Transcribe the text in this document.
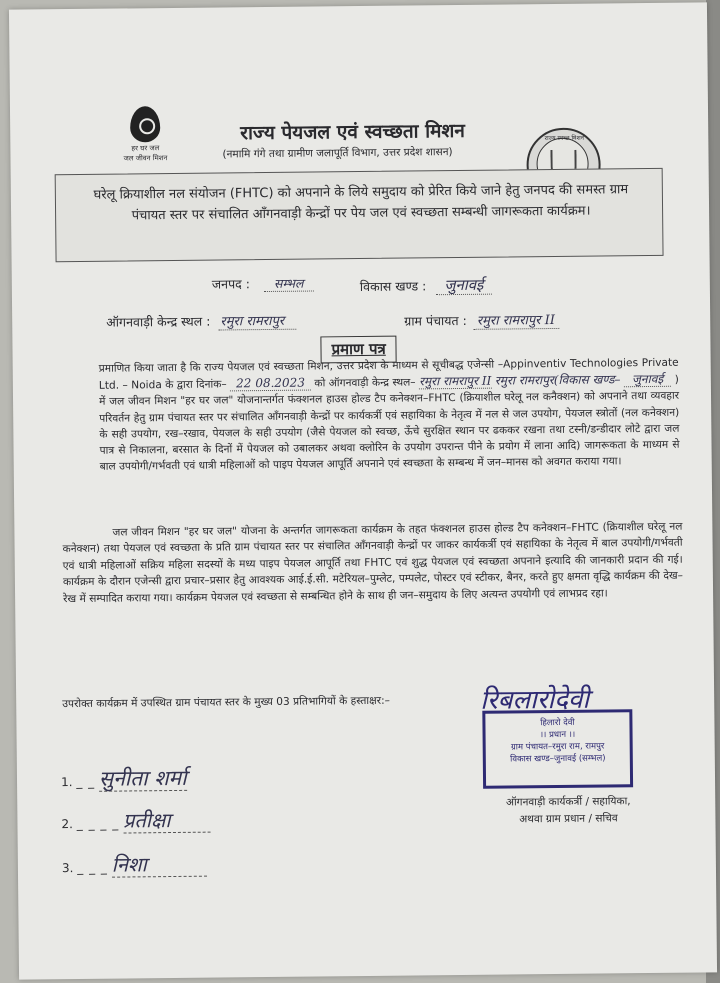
हर घर जल
जल जीवन मिशन
राज्य पेयजल एवं स्वच्छता मिशन
(नमामि गंगे तथा ग्रामीण जलापूर्ति विभाग, उत्तर प्रदेश शासन)
राज्य स्वच्छ मिशन

घरेलू क्रियाशील नल संयोजन (FHTC) को अपनाने के लिये समुदाय को प्रेरित किये जाने हेतु जनपद की समस्त ग्राम पंचायत स्तर पर संचालित आँगनवाड़ी केन्द्रों पर पेय जल एवं स्वच्छता सम्बन्धी जागरूकता कार्यक्रम।

जनपद : सम्भल	विकास खण्ड : जुनावई
ऑगनवाड़ी केन्द्र स्थल : रमुरा रामरापुर	ग्राम पंचायत : रमुरा रामरापुर II
प्रमाण पत्र
प्रमाणित किया जाता है कि राज्य पेयजल एवं स्वच्छता मिशन, उत्तर प्रदेश के माध्यम से सूचीबद्ध एजेन्सी –Appinventiv Technologies Private Ltd. – Noida के द्वारा दिनांक– 22 08.2023 को ऑगनवाड़ी केन्द्र स्थल– रमुरा रामरापुर II रमुरा रामरापुर(विकास खण्ड– जुनावई ) में जल जीवन मिशन "हर घर जल" योजनान्तर्गत फंक्शनल हाउस होल्ड टैप कनेक्शन–FHTC (क्रियाशील घरेलू नल कनैक्शन) को अपनाने तथा व्यवहार परिवर्तन हेतु ग्राम पंचायत स्तर पर संचालित आँगनवाड़ी केन्द्रों पर कार्यकर्त्री एवं सहायिका के नेतृत्व में नल से जल उपयोग, पेयजल स्त्रोतों (नल कनेक्शन) के सही उपयोग, रख–रखाव, पेयजल के सही उपयोग (जैसे पेयजल को स्वच्छ, ऊँचे सुरक्षित स्थान पर ढककर रखना तथा टस्नी/डन्डीदार लोटे द्वारा जल पात्र से निकालना, बरसात के दिनों में पेयजल को उबालकर अथवा क्लोरिन के उपयोग उपरान्त पीने के प्रयोग में लाना आदि) जागरूकता के माध्यम से बाल उपयोगी/गर्भवती एवं धात्री महिलाओं को पाइप पेयजल आपूर्ति अपनाने एवं स्वच्छता के सम्बन्ध में जन–मानस को अवगत कराया गया।
जल जीवन मिशन "हर घर जल" योजना के अन्तर्गत जागरूकता कार्यक्रम के तहत फंक्शनल हाउस होल्ड टैप कनेक्शन–FHTC (क्रियाशील घरेलू नल कनेक्शन) तथा पेयजल एवं स्वच्छता के प्रति ग्राम पंचायत स्तर पर संचालित आँगनवाड़ी केन्द्रों पर जाकर कार्यकर्त्री एवं सहायिका के नेतृत्व में बाल उपयोगी/गर्भवती एवं धात्री महिलाओं सक्रिय महिला सदस्यों के मध्य पाइप पेयजल आपूर्ति तथा FHTC एवं शुद्ध पेयजल एवं स्वच्छता अपनाने इत्यादि की जानकारी प्रदान की गई। कार्यक्रम के दौरान एजेन्सी द्वारा प्रचार–प्रसार हेतु आवश्यक आई.ई.सी. मटेरियल–पुम्लेट, पम्पलेट, पोस्टर एवं स्टीकर, बैनर, करते हुए क्षमता वृद्धि कार्यक्रम की देख–रेख में सम्पादित कराया गया। कार्यक्रम पेयजल एवं स्वच्छता से सम्बन्धित होने के साथ ही जन–समुदाय के लिए अत्यन्त उपयोगी एवं लाभप्रद रहा।
उपरोक्त कार्यक्रम में उपस्थित ग्राम पंचायत स्तर के मुख्य 03 प्रतिभागियों के हस्ताक्षर:–
1. _ _ सुनीता शर्मा
2. _ _ _ _ प्रतीक्षा
3. _ _ _ निशा
रिबलारोदेवी
हिलारो देवी
।। प्रधान ।।
ग्राम पंचायत–रमुरा राम, रामपुर
विकास खण्ड–जुनावई (सम्भल)
ऑगनवाड़ी कार्यकर्त्री / सहायिका,
अथवा ग्राम प्रधान / सचिव
